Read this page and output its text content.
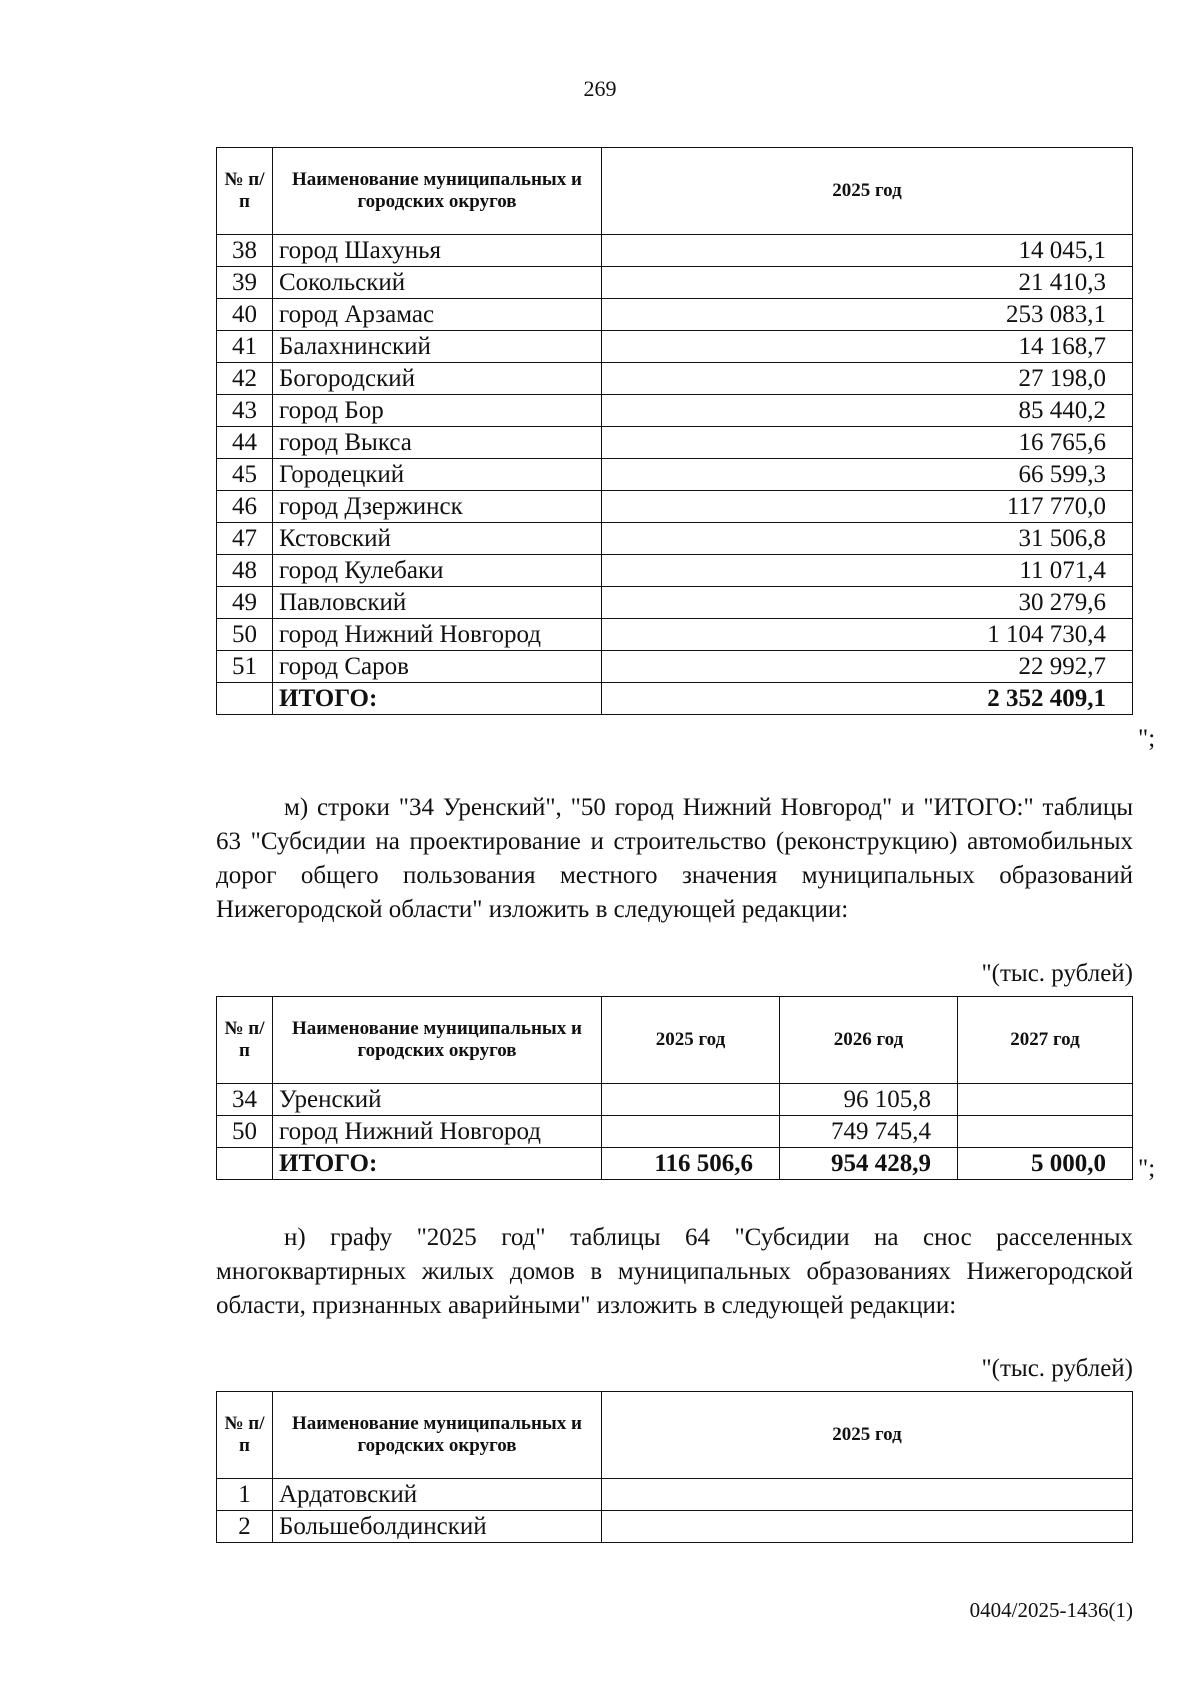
269
№ п/п	Наименование муниципальных и городских округов	2025 год
38	город Шахунья	14 045,1
39	Сокольский	21 410,3
40	город Арзамас	253 083,1
41	Балахнинский	14 168,7
42	Богородский	27 198,0
43	город Бор	85 440,2
44	город Выкса	16 765,6
45	Городецкий	66 599,3
46	город Дзержинск	117 770,0
47	Кстовский	31 506,8
48	город Кулебаки	11 071,4
49	Павловский	30 279,6
50	город Нижний Новгород	1 104 730,4
51	город Саров	22 992,7
	ИТОГО:	2 352 409,1
";

м) строки "34 Уренский", "50 город Нижний Новгород" и "ИТОГО:" таблицы 63 "Субсидии на проектирование и строительство (реконструкцию) автомобильных дорог общего пользования местного значения муниципальных образований Нижегородской области" изложить в следующей редакции:

"(тыс. рублей)
№ п/п	Наименование муниципальных и городских округов	2025 год	2026 год	2027 год
34	Уренский		96 105,8	
50	город Нижний Новгород		749 745,4	
	ИТОГО:	116 506,6	954 428,9	5 000,0 ";

н) графу "2025 год" таблицы 64 "Субсидии на снос расселенных многоквартирных жилых домов в муниципальных образованиях Нижегородской области, признанных аварийными" изложить в следующей редакции:

"(тыс. рублей)
№ п/п	Наименование муниципальных и городских округов	2025 год
1	Ардатовский	
2	Большеболдинский	
0404/2025-1436(1)
